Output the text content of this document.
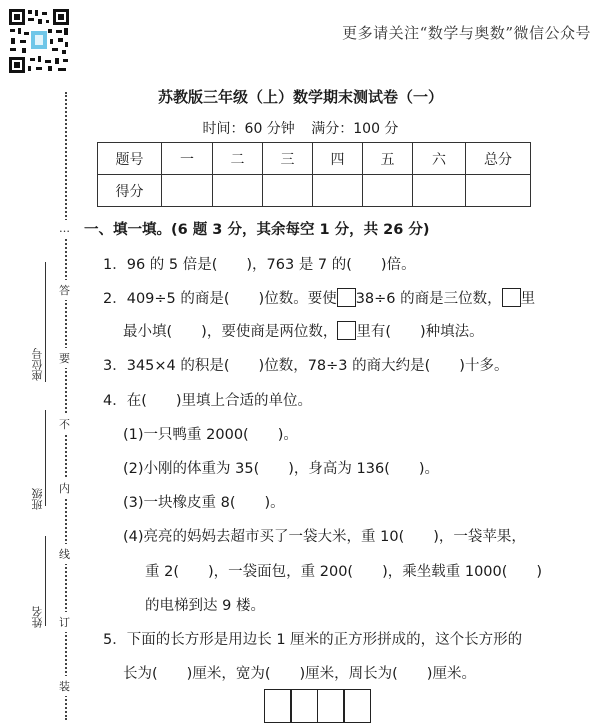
更多请关注“数学与奥数”微信公众号
苏教版三年级（上）数学期末测试卷（一）
时间：60 分钟 满分：100 分
题号	一	二	三	四	五	六	总分
得分							
…
答
要
不
内
线
订
装
座位号
班级
姓名
一、填一填。(6 题 3 分，其余每空 1 分，共 26 分)
1．96 的 5 倍是(　　)，763 是 7 的(　　)倍。
2．409÷5 的商是(　　)位数。要使 38÷6 的商是三位数， 里
最小填(　　)，要使商是两位数， 里有(　　)种填法。
3．345×4 的积是(　　)位数，78÷3 的商大约是(　　)十多。
4．在(　　)里填上合适的单位。
(1)一只鸭重 2000(　　)。
(2)小刚的体重为 35(　　)，身高为 136(　　)。
(3)一块橡皮重 8(　　)。
(4)亮亮的妈妈去超市买了一袋大米，重 10(　　)，一袋苹果，
重 2(　　)，一袋面包，重 200(　　)，乘坐载重 1000(　　)
的电梯到达 9 楼。
5．下面的长方形是用边长 1 厘米的正方形拼成的，这个长方形的
长为(　　)厘米，宽为(　　)厘米，周长为(　　)厘米。
